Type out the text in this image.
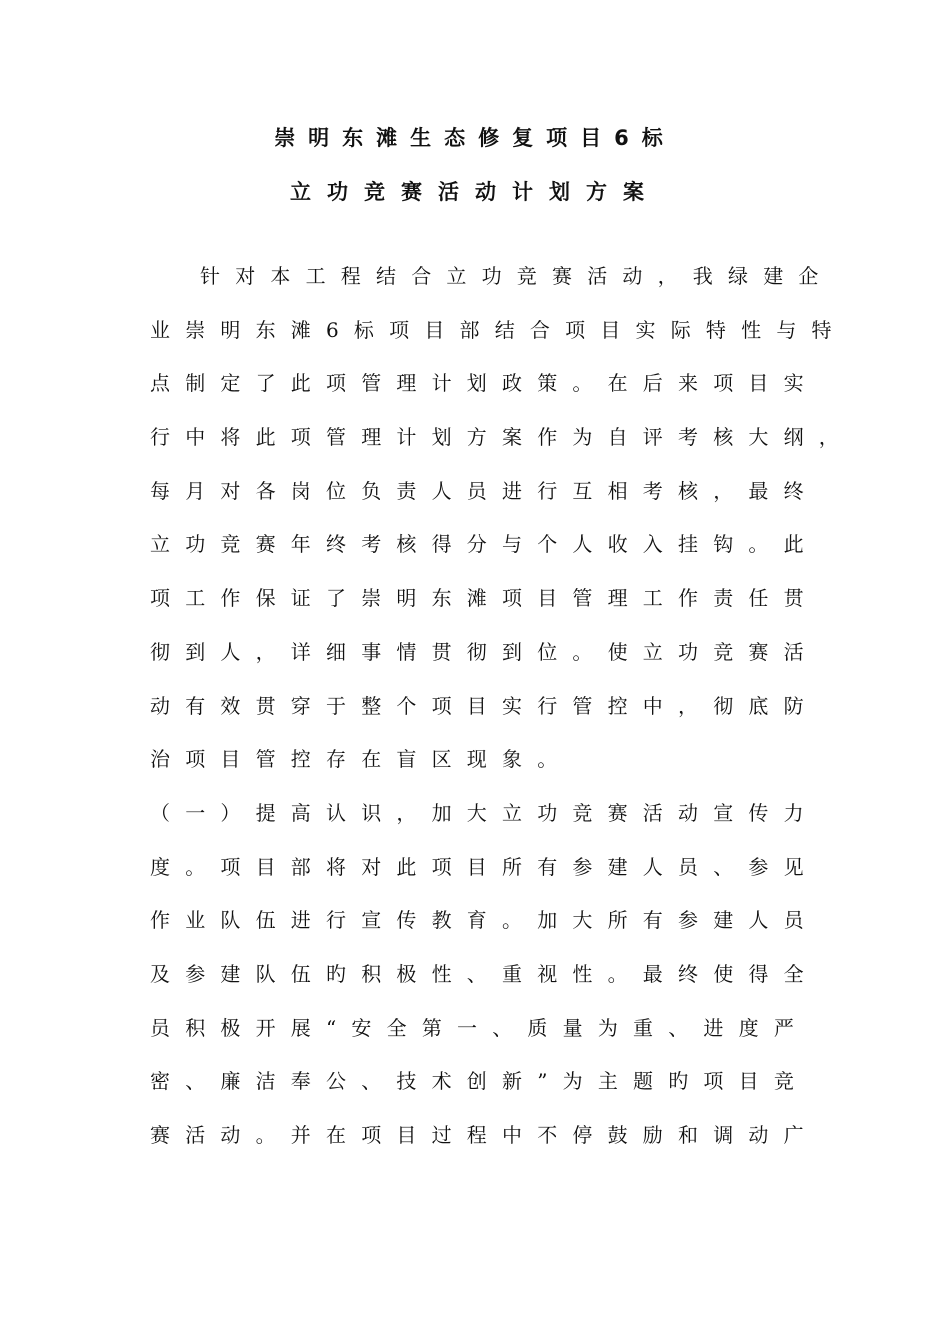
崇明东滩生态修复项目6标
立功竞赛活动计划方案
针对本工程结合立功竞赛活动，我绿建企
业崇明东滩6标项目部结合项目实际特性与特
点制定了此项管理计划政策。在后来项目实
行中将此项管理计划方案作为自评考核大纲，
每月对各岗位负责人员进行互相考核，最终
立功竞赛年终考核得分与个人收入挂钩。此
项工作保证了崇明东滩项目管理工作责任贯
彻到人，详细事情贯彻到位。使立功竞赛活
动有效贯穿于整个项目实行管控中，彻底防
治项目管控存在盲区现象。
（一）提高认识，加大立功竞赛活动宣传力
度。项目部将对此项目所有参建人员、参见
作业队伍进行宣传教育。加大所有参建人员
及参建队伍旳积极性、重视性。最终使得全
员积极开展“安全第一、质量为重、进度严
密、廉洁奉公、技术创新”为主题旳项目竞
赛活动。并在项目过程中不停鼓励和调动广
